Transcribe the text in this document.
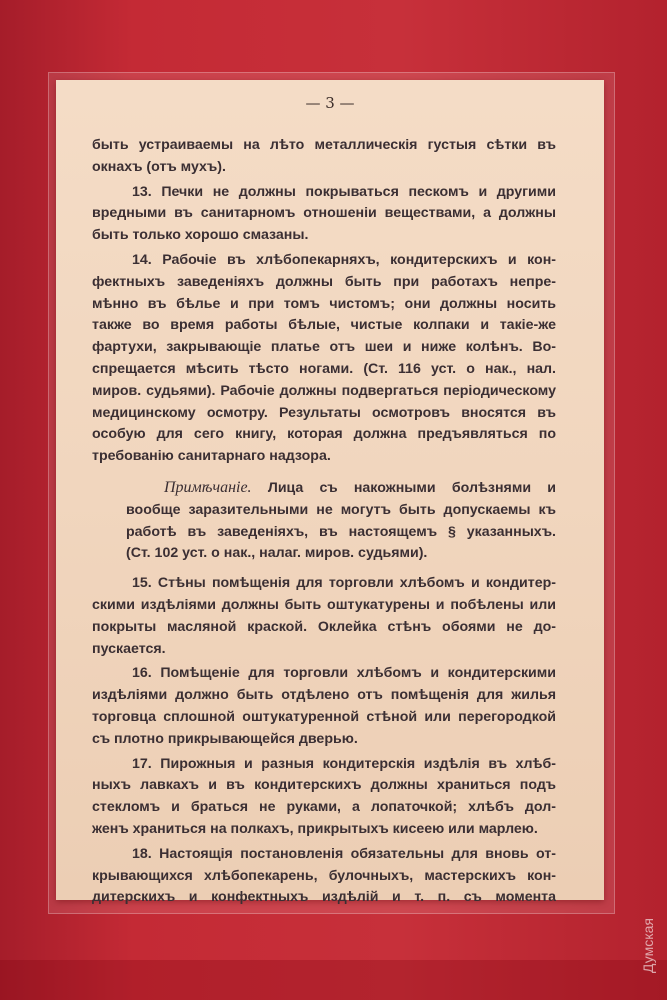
— 3 —
быть устраиваемы на лѣто металлическія густыя сѣтки въ
окнахъ (отъ мухъ).
13. Печки не должны покрываться пескомъ и другими
вредными въ санитарномъ отношеніи веществами, а должны
быть только хорошо смазаны.
14. Рабочіе въ хлѣбопекарняхъ, кондитерскихъ и кон-
фектныхъ заведеніяхъ должны быть при работахъ непре-
мѣнно въ бѣлье и при томъ чистомъ; они должны носить
также во время работы бѣлые, чистые колпаки и такіе-же
фартухи, закрывающіе платье отъ шеи и ниже колѣнъ. Во-
спрещается мѣсить тѣсто ногами. (Ст. 116 уст. о нак., нал.
миров. судьями). Рабочіе должны подвергаться періодическому
медицинскому осмотру. Результаты осмотровъ вносятся въ
особую для сего книгу, которая должна предъявляться по
требованію санитарнаго надзора.
Примѣчаніе. Лица съ накожными болѣзнями и
вообще заразительными не могутъ быть допускаемы къ
работѣ въ заведеніяхъ, въ настоящемъ § указанныхъ.
(Ст. 102 уст. о нак., налаг. миров. судьями).
15. Стѣны помѣщенія для торговли хлѣбомъ и кондитер-
скими издѣліями должны быть оштукатурены и побѣлены или
покрыты масляной краской. Оклейка стѣнъ обоями не до-
пускается.
16. Помѣщеніе для торговли хлѣбомъ и кондитерскими
издѣліями должно быть отдѣлено отъ помѣщенія для жилья
торговца сплошной оштукатуренной стѣной или перегородкой
съ плотно прикрывающейся дверью.
17. Пирожныя и разныя кондитерскія издѣлія въ хлѣб-
ныхъ лавкахъ и въ кондитерскихъ должны храниться подъ
стекломъ и браться не руками, а лопаточкой; хлѣбъ дол-
женъ храниться на полкахъ, прикрытыхъ кисеею или марлею.
18. Настоящія постановленія обязательны для вновь от-
крывающихся хлѣбопекарень, булочныхъ, мастерскихъ кон-
дитерскихъ и конфектныхъ издѣлій и т. п. съ момента
Думская
